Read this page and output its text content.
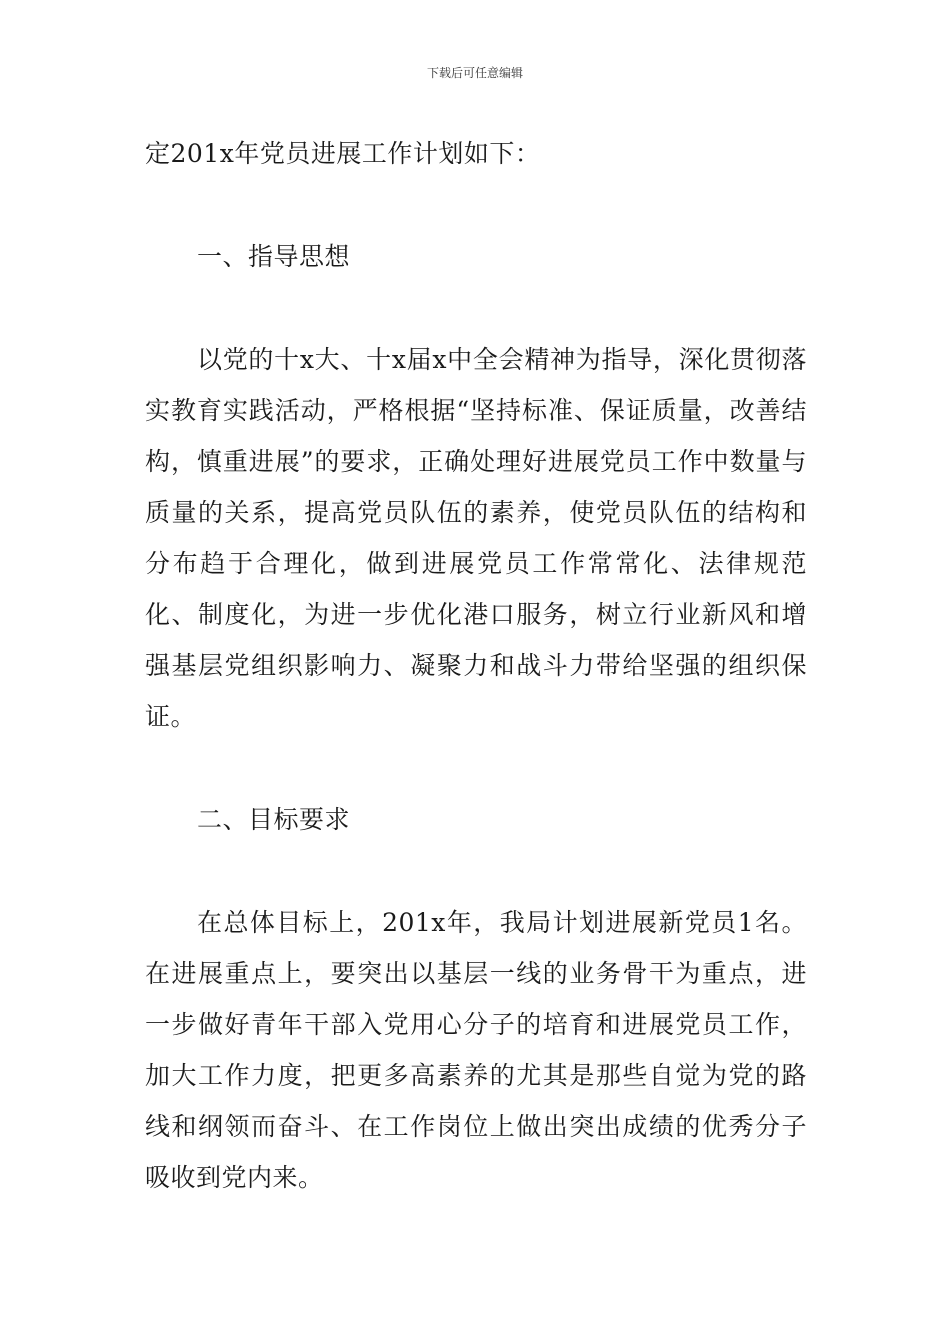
下载后可任意编辑

定201x年党员进展工作计划如下：

一、指导思想

以党的十x大、十x届x中全会精神为指导，深化贯彻落实教育实践活动，严格根据“坚持标准、保证质量，改善结构，慎重进展”的要求，正确处理好进展党员工作中数量与质量的关系，提高党员队伍的素养，使党员队伍的结构和分布趋于合理化，做到进展党员工作常常化、法律规范化、制度化，为进一步优化港口服务，树立行业新风和增强基层党组织影响力、凝聚力和战斗力带给坚强的组织保证。

二、目标要求

在总体目标上，201x年，我局计划进展新党员1名。在进展重点上，要突出以基层一线的业务骨干为重点，进一步做好青年干部入党用心分子的培育和进展党员工作，加大工作力度，把更多高素养的尤其是那些自觉为党的路线和纲领而奋斗、在工作岗位上做出突出成绩的优秀分子吸收到党内来。
